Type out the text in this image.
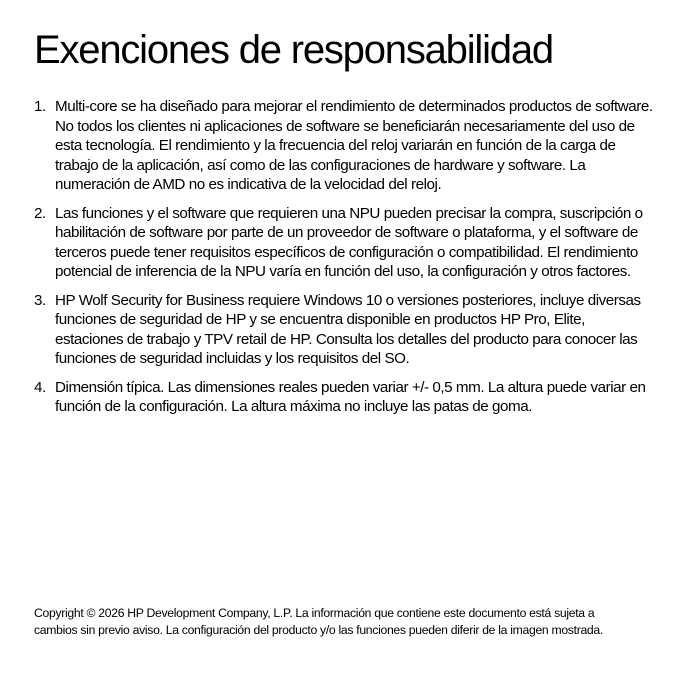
Exenciones de responsabilidad
1. Multi-core se ha diseñado para mejorar el rendimiento de determinados productos de software. No todos los clientes ni aplicaciones de software se beneficiarán necesariamente del uso de esta tecnología. El rendimiento y la frecuencia del reloj variarán en función de la carga de trabajo de la aplicación, así como de las configuraciones de hardware y software. La numeración de AMD no es indicativa de la velocidad del reloj.
2. Las funciones y el software que requieren una NPU pueden precisar la compra, suscripción o habilitación de software por parte de un proveedor de software o plataforma, y el software de terceros puede tener requisitos específicos de configuración o compatibilidad. El rendimiento potencial de inferencia de la NPU varía en función del uso, la configuración y otros factores.
3. HP Wolf Security for Business requiere Windows 10 o versiones posteriores, incluye diversas funciones de seguridad de HP y se encuentra disponible en productos HP Pro, Elite, estaciones de trabajo y TPV retail de HP. Consulta los detalles del producto para conocer las funciones de seguridad incluidas y los requisitos del SO.
4. Dimensión típica. Las dimensiones reales pueden variar +/- 0,5 mm. La altura puede variar en función de la configuración. La altura máxima no incluye las patas de goma.

Copyright © 2026 HP Development Company, L.P. La información que contiene este documento está sujeta a cambios sin previo aviso. La configuración del producto y/o las funciones pueden diferir de la imagen mostrada.
